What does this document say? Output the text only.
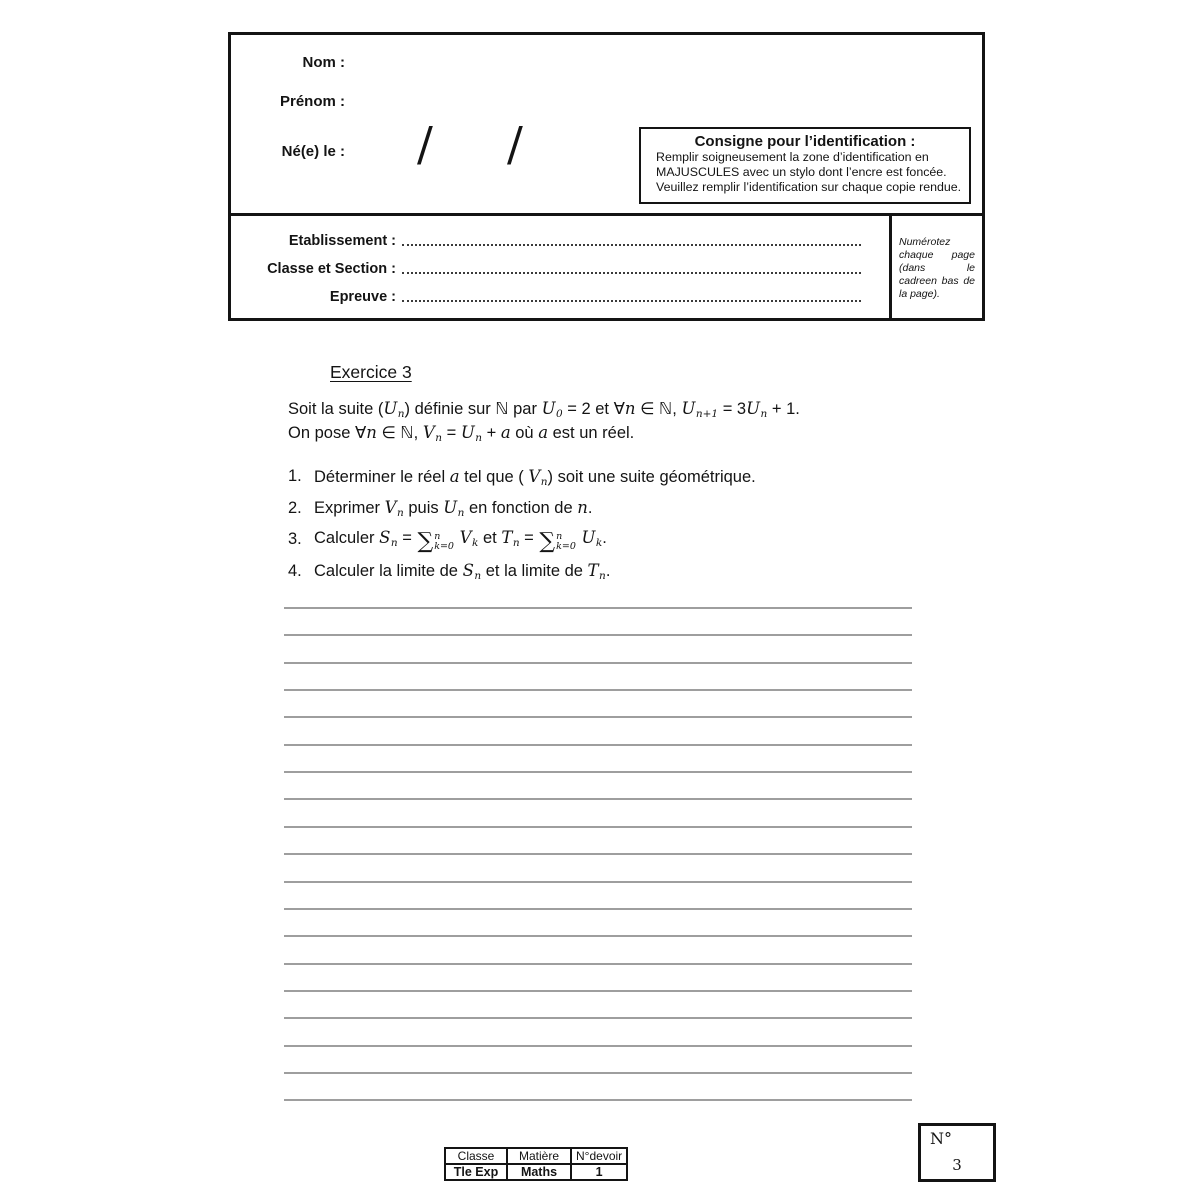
Nom :
Prénom :
Né(e) le : / /	Consigne pour l’identification :
Remplir soigneusement la zone d’identification en
MAJUSCULES avec un stylo dont l’encre est foncée.
Veuillez remplir l’identification sur chaque copie rendue.
Etablissement :
Classe et Section :
Epreuve :
Numérotez chaque page (dans le cadreen bas de la page).
Exercice 3
Soit la suite $(U_n)$ définie sur ℕ par $U_0 = 2$ et ∀n ∈ ℕ, $U_{n+1} = 3U_n + 1$.
On pose ∀n ∈ ℕ, $V_n = U_n + a$ où a est un réel.
1. Déterminer le réel a tel que ( $V_n$) soit une suite géométrique.
2. Exprimer $V_n$ puis $U_n$ en fonction de n.
3. Calculer $S_n$ = ∑ n
k=0 $V_k$ et $T_n$ = ∑ n
k=0 $U_k$.
4. Calculer la limite de $S_n$ et la limite de $T_n$.
Classe	Matière	N°devoir
Tle Exp	Maths	1
N°
3
